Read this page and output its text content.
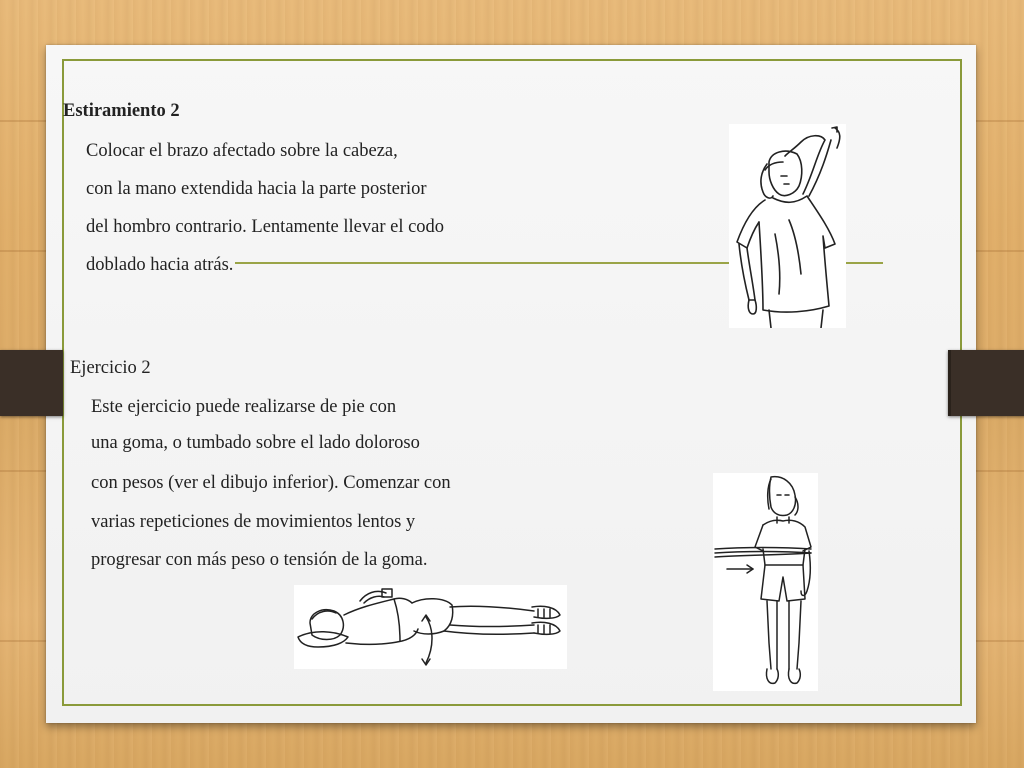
Estiramiento 2
Colocar el brazo afectado sobre la cabeza,
con la mano extendida hacia la parte posterior
del hombro contrario. Lentamente llevar el codo
doblado hacia atrás.
Ejercicio 2
Este ejercicio puede realizarse de pie con
una goma, o tumbado sobre el lado doloroso
con pesos (ver el dibujo inferior). Comenzar con
varias repeticiones de movimientos lentos y
progresar con más peso o tensión de la goma.
